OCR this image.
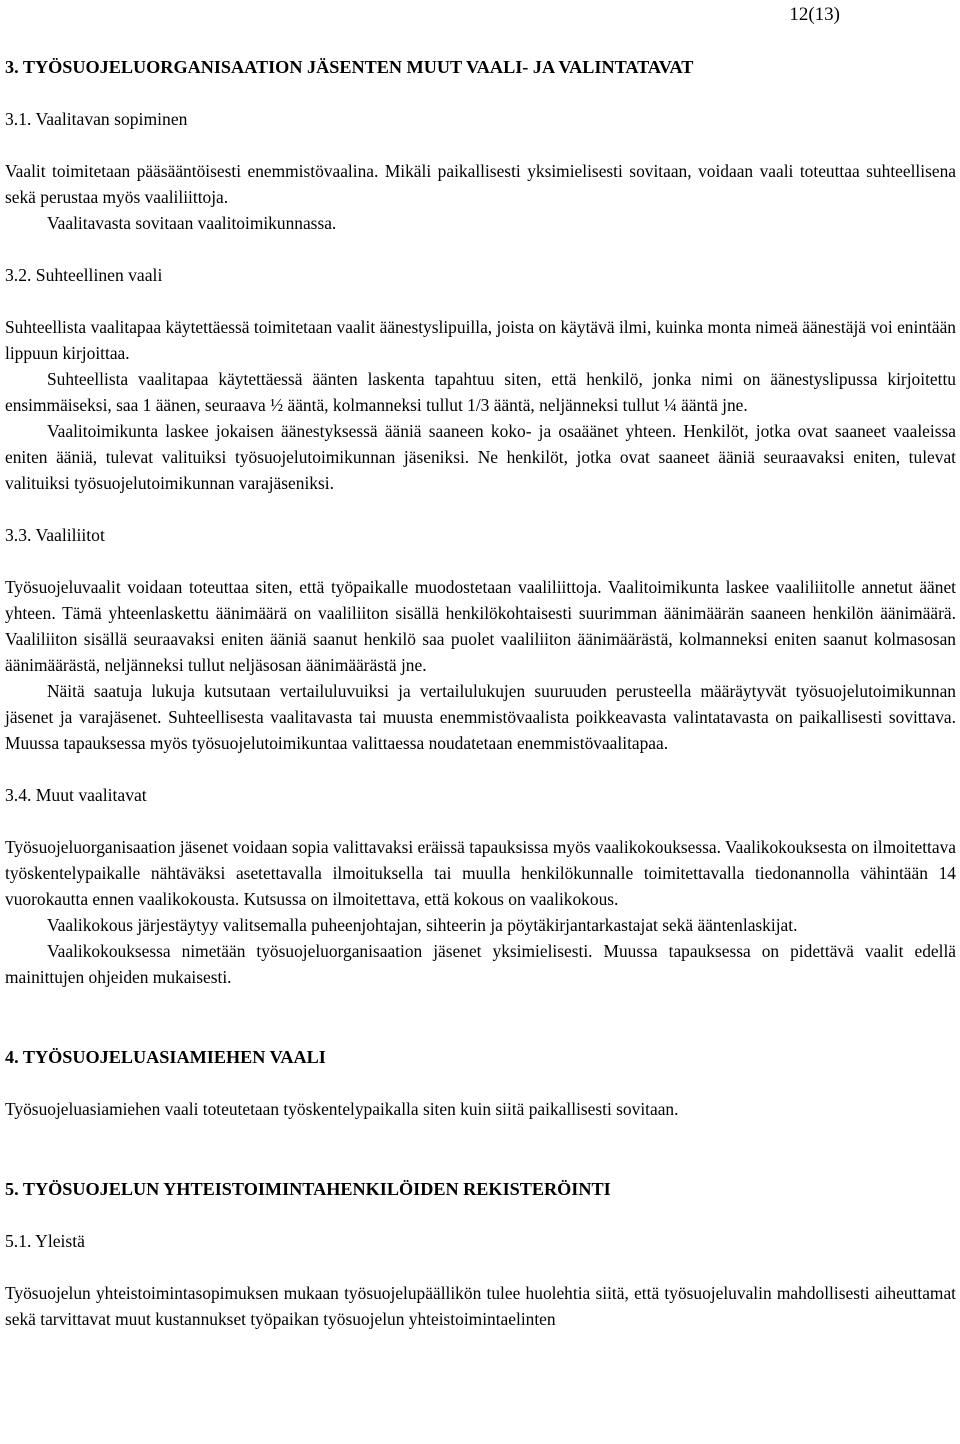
12(13)
3. TYÖSUOJELUORGANISAATION JÄSENTEN MUUT VAALI- JA VALINTATAVAT
3.1. Vaalitavan sopiminen
Vaalit toimitetaan pääsääntöisesti enemmistövaalina. Mikäli paikallisesti yksimielisesti sovitaan, voidaan vaali toteuttaa suhteellisena sekä perustaa myös vaaliliittoja.
Vaalitavasta sovitaan vaalitoimikunnassa.
3.2. Suhteellinen vaali
Suhteellista vaalitapaa käytettäessä toimitetaan vaalit äänestyslipuilla, joista on käytävä ilmi, kuinka monta nimeä äänestäjä voi enintään lippuun kirjoittaa.
Suhteellista vaalitapaa käytettäessä äänten laskenta tapahtuu siten, että henkilö, jonka nimi on äänestyslipussa kirjoitettu ensimmäiseksi, saa 1 äänen, seuraava ½ ääntä, kolmanneksi tullut 1/3 ääntä, neljänneksi tullut ¼ ääntä jne.
Vaalitoimikunta laskee jokaisen äänestyksessä ääniä saaneen koko- ja osaäänet yhteen. Henkilöt, jotka ovat saaneet vaaleissa eniten ääniä, tulevat valituiksi työsuojelutoimikunnan jäseniksi. Ne henkilöt, jotka ovat saaneet ääniä seuraavaksi eniten, tulevat valituiksi työsuojelutoimikunnan varajäseniksi.
3.3. Vaaliliitot
Työsuojeluvaalit voidaan toteuttaa siten, että työpaikalle muodostetaan vaaliliittoja. Vaalitoimikunta laskee vaaliliitolle annetut äänet yhteen. Tämä yhteenlaskettu äänimäärä on vaaliliiton sisällä henkilökohtaisesti suurimman äänimäärän saaneen henkilön äänimäärä. Vaaliliiton sisällä seuraavaksi eniten ääniä saanut henkilö saa puolet vaaliliiton äänimäärästä, kolmanneksi eniten saanut kolmasosan äänimäärästä, neljänneksi tullut neljäsosan äänimäärästä jne.
Näitä saatuja lukuja kutsutaan vertailuluvuiksi ja vertailulukujen suuruuden perusteella määräytyvät työsuojelutoimikunnan jäsenet ja varajäsenet. Suhteellisesta vaalitavasta tai muusta enemmistövaalista poikkeavasta valintatavasta on paikallisesti sovittava. Muussa tapauksessa myös työsuojelutoimikuntaa valittaessa noudatetaan enemmistövaalitapaa.
3.4. Muut vaalitavat
Työsuojeluorganisaation jäsenet voidaan sopia valittavaksi eräissä tapauksissa myös vaalikokouksessa. Vaalikokouksesta on ilmoitettava työskentelypaikalle nähtäväksi asetettavalla ilmoituksella tai muulla henkilökunnalle toimitettavalla tiedonannolla vähintään 14 vuorokautta ennen vaalikokousta. Kutsussa on ilmoitettava, että kokous on vaalikokous.
Vaalikokous järjestäytyy valitsemalla puheenjohtajan, sihteerin ja pöytäkirjantarkastajat sekä ääntenlaskijat.
Vaalikokouksessa nimetään työsuojeluorganisaation jäsenet yksimielisesti. Muussa tapauksessa on pidettävä vaalit edellä mainittujen ohjeiden mukaisesti.
4. TYÖSUOJELUASIAMIEHEN VAALI
Työsuojeluasiamiehen vaali toteutetaan työskentelypaikalla siten kuin siitä paikallisesti sovitaan.
5. TYÖSUOJELUN YHTEISTOIMINTAHENKILÖIDEN REKISTERÖINTI
5.1. Yleistä
Työsuojelun yhteistoimintasopimuksen mukaan työsuojelupäällikön tulee huolehtia siitä, että työsuojeluvalin mahdollisesti aiheuttamat sekä tarvittavat muut kustannukset työpaikan työsuojelun yhteistoimintaelinten
